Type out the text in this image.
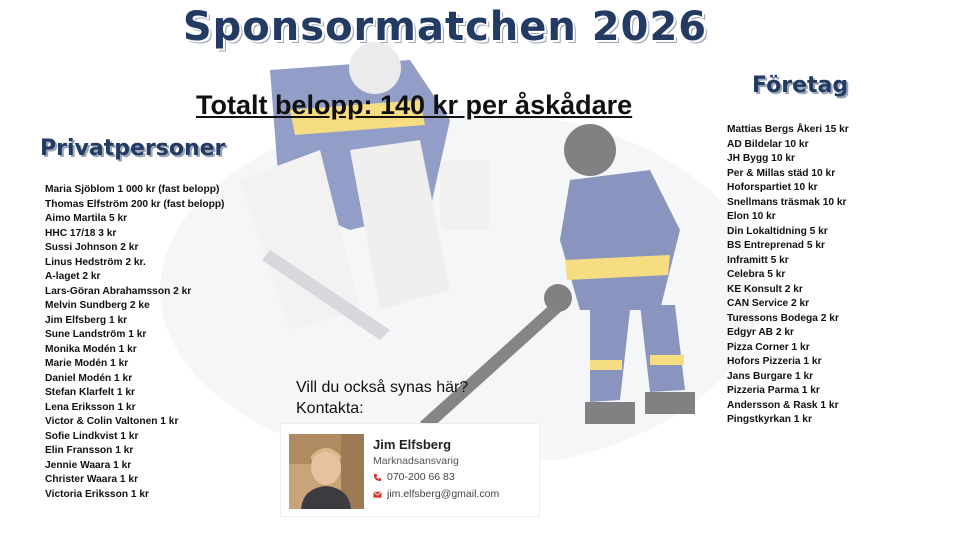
Sponsormatchen 2026
Totalt belopp: 140 kr per åskådare
Privatpersoner
Maria Sjöblom 1 000 kr (fast belopp)
Thomas Elfström 200 kr (fast belopp)
Aimo Martila 5 kr
HHC 17/18 3 kr
Sussi Johnson 2 kr
Linus Hedström 2 kr.
A-laget 2 kr
Lars-Göran Abrahamsson 2 kr
Melvin Sundberg 2 ke
Jim Elfsberg 1 kr
Sune Landström 1 kr
Monika Modén 1 kr
Marie Modén 1 kr
Daniel Modén 1 kr
Stefan Klarfelt 1 kr
Lena Eriksson 1 kr
Victor & Colin Valtonen 1 kr
Sofie Lindkvist 1 kr
Elin Fransson 1 kr
Jennie Waara 1 kr
Christer Waara 1 kr
Victoria Eriksson 1 kr
Företag
Mattias Bergs Åkeri 15 kr
AD Bildelar 10 kr
JH Bygg 10 kr
Per & Millas städ 10 kr
Hoforspartiet 10 kr
Snellmans träsmak 10 kr
Elon 10 kr
Din Lokaltidning 5 kr
BS Entreprenad 5 kr
Inframitt 5 kr
Celebra 5 kr
KE Konsult 2 kr
CAN Service 2 kr
Turessons Bodega 2 kr
Edgyr AB 2 kr
Pizza Corner 1 kr
Hofors Pizzeria 1 kr
Jans Burgare 1 kr
Pizzeria Parma 1 kr
Andersson & Rask 1 kr
Pingstkyrkan 1 kr
Vill du också synas här?
Kontakta:
Jim Elfsberg
Marknadsansvarig
070-200 66 83
jim.elfsberg@gmail.com
